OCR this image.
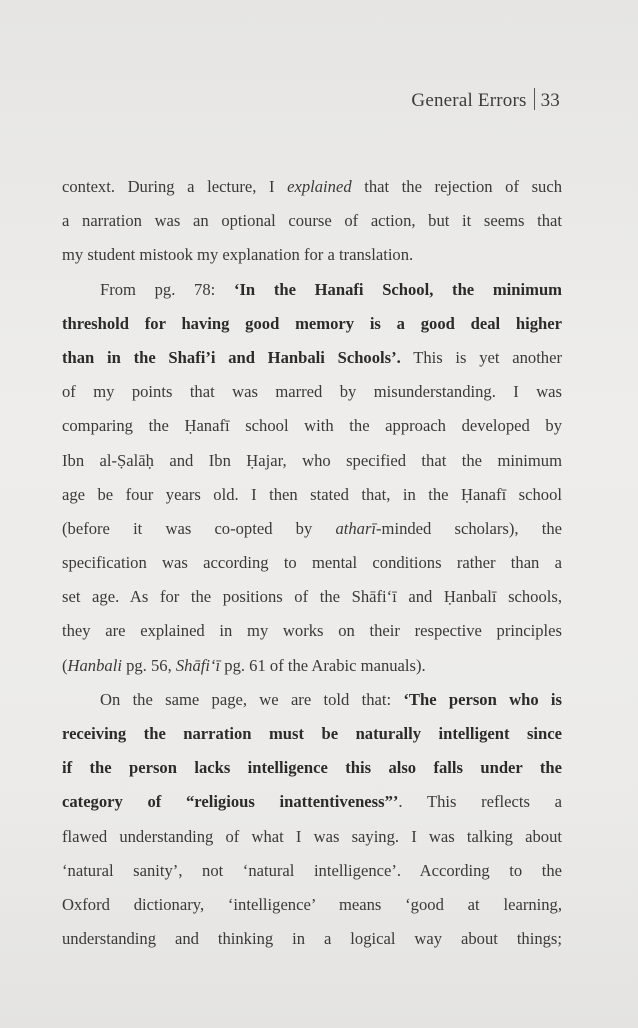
General Errors 33
context. During a lecture, I explained that the rejection of such
a narration was an optional course of action, but it seems that
my student mistook my explanation for a translation.
From pg. 78: ‘In the Hanafi School, the minimum
threshold for having good memory is a good deal higher
than in the Shafi’i and Hanbali Schools’. This is yet another
of my points that was marred by misunderstanding. I was
comparing the Ḥanafī school with the approach developed by
Ibn al-Ṣalāḥ and Ibn Ḥajar, who specified that the minimum
age be four years old. I then stated that, in the Ḥanafī school
(before it was co-opted by atharī-minded scholars), the
specification was according to mental conditions rather than a
set age. As for the positions of the Shāfi‘ī and Ḥanbalī schools,
they are explained in my works on their respective principles
(Hanbali pg. 56, Shāfi‘ī pg. 61 of the Arabic manuals).
On the same page, we are told that: ‘The person who is
receiving the narration must be naturally intelligent since
if the person lacks intelligence this also falls under the
category of “religious inattentiveness”’. This reflects a
flawed understanding of what I was saying. I was talking about
‘natural sanity’, not ‘natural intelligence’. According to the
Oxford dictionary, ‘intelligence’ means ‘good at learning,
understanding and thinking in a logical way about things;
